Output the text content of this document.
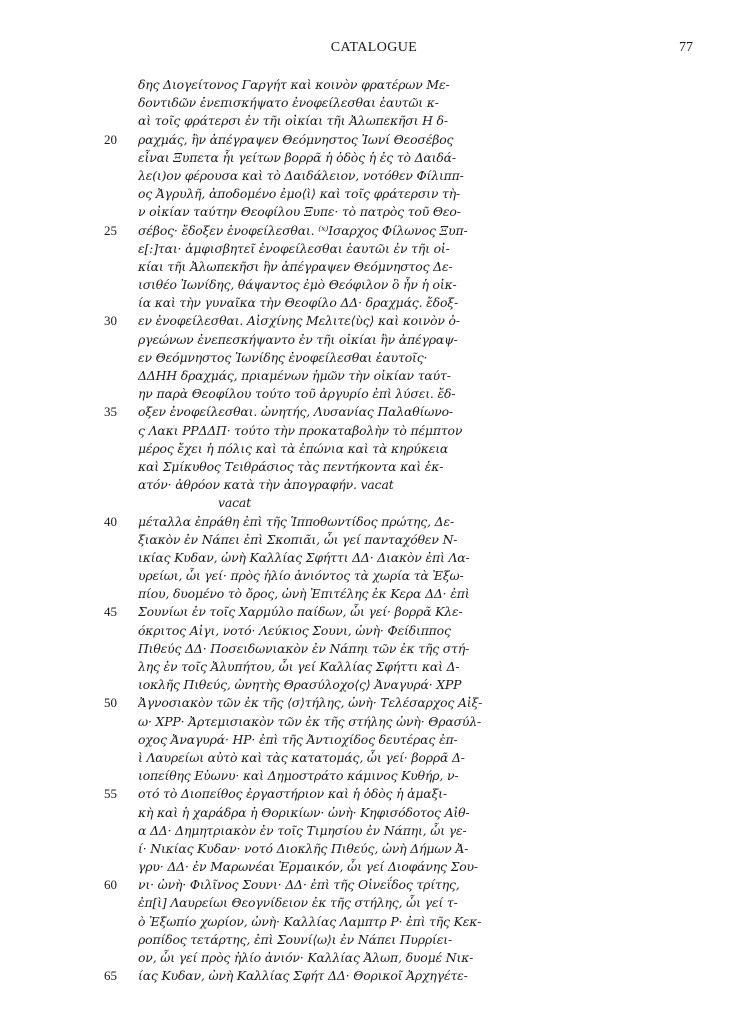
CATALOGUE	77
δης Διογείτονος Γαργήτ καὶ κοινὸν φρατέρων Με-
δοντιδῶν ἐνεπισκήψατο ἐνοφείλεσθαι ἑαυτῶι κ-
αὶ τοῖς φράτερσι ἐν τῆι οἰκίαι τῆι Ἀλωπεκῆσι Η δ-
20	ραχμάς, ἣν ἀπέγραψεν Θεόμνηστος Ἰωνί Θεοσέβος
εἶναι Ξυπετα ἧι γείτων βορρᾶ ἡ ὁδὸς ἡ ἐς τὸ Δαιδά-
λε(ι)ον φέρουσα καὶ τὸ Δαιδάλειον, νοτόθεν Φίλιππ-
ος Ἀγρυλῆ, ἀποδομένο ἐμο⟨ὶ⟩ καὶ τοῖς φράτερσιν τὴ-
ν οἰκίαν ταύτην Θεοφίλου Ξυπε· τὸ πατρὸς τοῦ Θεο-
25	σέβος· ἔδοξεν ἐνοφείλεσθαι. ⁽ˣ⁾Ισαρχος Φίλωνος Ξυπ-
ε[:]ται· ἀμφισβητεῖ ἐνοφείλεσθαι ἑαυτῶι ἐν τῆι οἰ-
κίαι τῆι Ἀλωπεκῆσι ἣν ἀπέγραψεν Θεόμνηστος Δε-
ισιθέο Ἰωνίδης, θάψαντος ἐμὸ Θεόφιλον ὃ ἦν ἡ οἰκ-
ία καὶ τὴν γυναῖκα τὴν Θεοφίλο ΔΔ· δραχμάς. ἔδοξ-
30	εν ἐνοφείλεσθαι. Αἰσχίνης Μελιτε⟨ὺς⟩ καὶ κοινὸν ὀ-
ργεώνων ἐνεπεσκήψαντο ἐν τῆι οἰκίαι ἣν ἀπέγραψ-
εν Θεόμνηστος Ἰωνίδης ἐνοφείλεσθαι ἑαυτοῖς·
ΔΔΗΗ δραχμάς, πριαμένων ἡμῶν τὴν οἰκίαν ταύτ-
ην παρὰ Θεοφίλου τούτο τοῦ ἀργυρίο ἐπὶ λύσει. ἔδ-
35	οξεν ἐνοφείλεσθαι. ὠνητής, Λυσανίας Παλαθίωνο-
ς Λακι ΡΡΔΔΠ· τούτο τὴν προκαταβολὴν τὸ πέμπτον
μέρος ἔχει ἡ πόλις καὶ τὰ ἐπώνια καὶ τὰ κηρύκεια
καὶ Σμίκυθος Τειθράσιος τὰς πεντήκοντα καὶ ἑκ-
ατόν· ἀθρόον κατὰ τὴν ἀπογραφήν. vacat
vacat
40	μέταλλα ἐπράθη ἐπὶ τῆς Ἱπποθωντίδος πρώτης, Δε-
ξιακὸν ἐν Νάπει ἐπὶ Σκοπιᾶι, ὧι γεί πανταχόθεν Ν-
ικίας Κυδαν, ὠνὴ Καλλίας Σφήττι ΔΔ· Διακὸν ἐπὶ Λα-
υρείωι, ὧι γεί· πρὸς ἡλίο ἀνιόντος τὰ χωρία τὰ Ἐξω-
πίου, δυομένο τὸ ὄρος, ὠνὴ Ἐπιτέλης ἐκ Κερα ΔΔ· ἐπὶ
45	Σουνίωι ἐν τοῖς Χαρμύλο παίδων, ὧι γεί· βορρᾶ Κλε-
όκριτος Αἰγι, νοτό· Λεύκιος Σουνι, ὠνὴ· Φείδιππος
Πιθεύς ΔΔ· Ποσειδωνιακὸν ἐν Νάπηι τῶν ἐκ τῆς στή-
λης ἐν τοῖς Ἀλυπήτου, ὧι γεί Καλλίας Σφήττι καὶ Δ-
ιοκλῆς Πιθεύς, ὠνητὴς Θρασύλοχο⟨ς⟩ Ἀναγυρά· ΧΡΡ
50	Ἀγνοσιακὸν τῶν ἐκ τῆς ⟨σ⟩τήλης, ὠνὴ· Τελέσαρχος Αἰξ-
ω· ΧΡΡ· Ἀρτεμισιακὸν τῶν ἐκ τῆς στήλης ὠνὴ· Θρασύλ-
οχος Ἀναγυρά· ΗΡ· ἐπὶ τῆς Ἀντιοχίδος δευτέρας ἐπ-
ὶ Λαυρείωι αὐτὸ καὶ τὰς κατατομάς, ὧι γεί· βορρᾶ Δ-
ιοπείθης Εὐωνυ· καὶ Δημοστράτο κάμινος Κυθήρ, ν-
55	οτό τὸ Διοπείθος ἐργαστήριον καὶ ἡ ὁδὸς ἡ ἁμαξι-
κὴ καὶ ἡ χαράδρα ἡ Θορικίων· ὠνὴ· Κηφισόδοτος Αἰθ-
α ΔΔ· Δημητριακὸν ἐν τοῖς Τιμησίου ἐν Νάπηι, ὧι γε-
ί· Νικίας Κυδαν· νοτό Διοκλῆς Πιθεύς, ὠνὴ Δήμων Ἀ-
γρυ· ΔΔ· ἐν Μαρωνέαι Ἑρμαικόν, ὧι γεί Διοφάνης Σου-
60	νι· ὠνὴ· Φιλῖνος Σουνι· ΔΔ· ἐπὶ τῆς Οἰνεΐδος τρίτης,
ἐπ[ὶ] Λαυρείωι Θεογνίδειον ἐκ τῆς στήλης, ὧι γεί τ-
ὸ Ἐξωπίο χωρίον, ὠνὴ· Καλλίας Λαμπτρ Ρ· ἐπὶ τῆς Κεκ-
ροπίδος τετάρτης, ἐπὶ Σουνί⟨ω⟩ι ἐν Νάπει Πυρρίει-
ον, ὧι γεί πρὸς ἡλίο ἀνιόν· Καλλίας Ἀλωπ, δυομέ Νικ-
65	ίας Κυδαν, ὠνὴ Καλλίας Σφήτ ΔΔ· Θορικοῖ Ἀρχηγέτε-
